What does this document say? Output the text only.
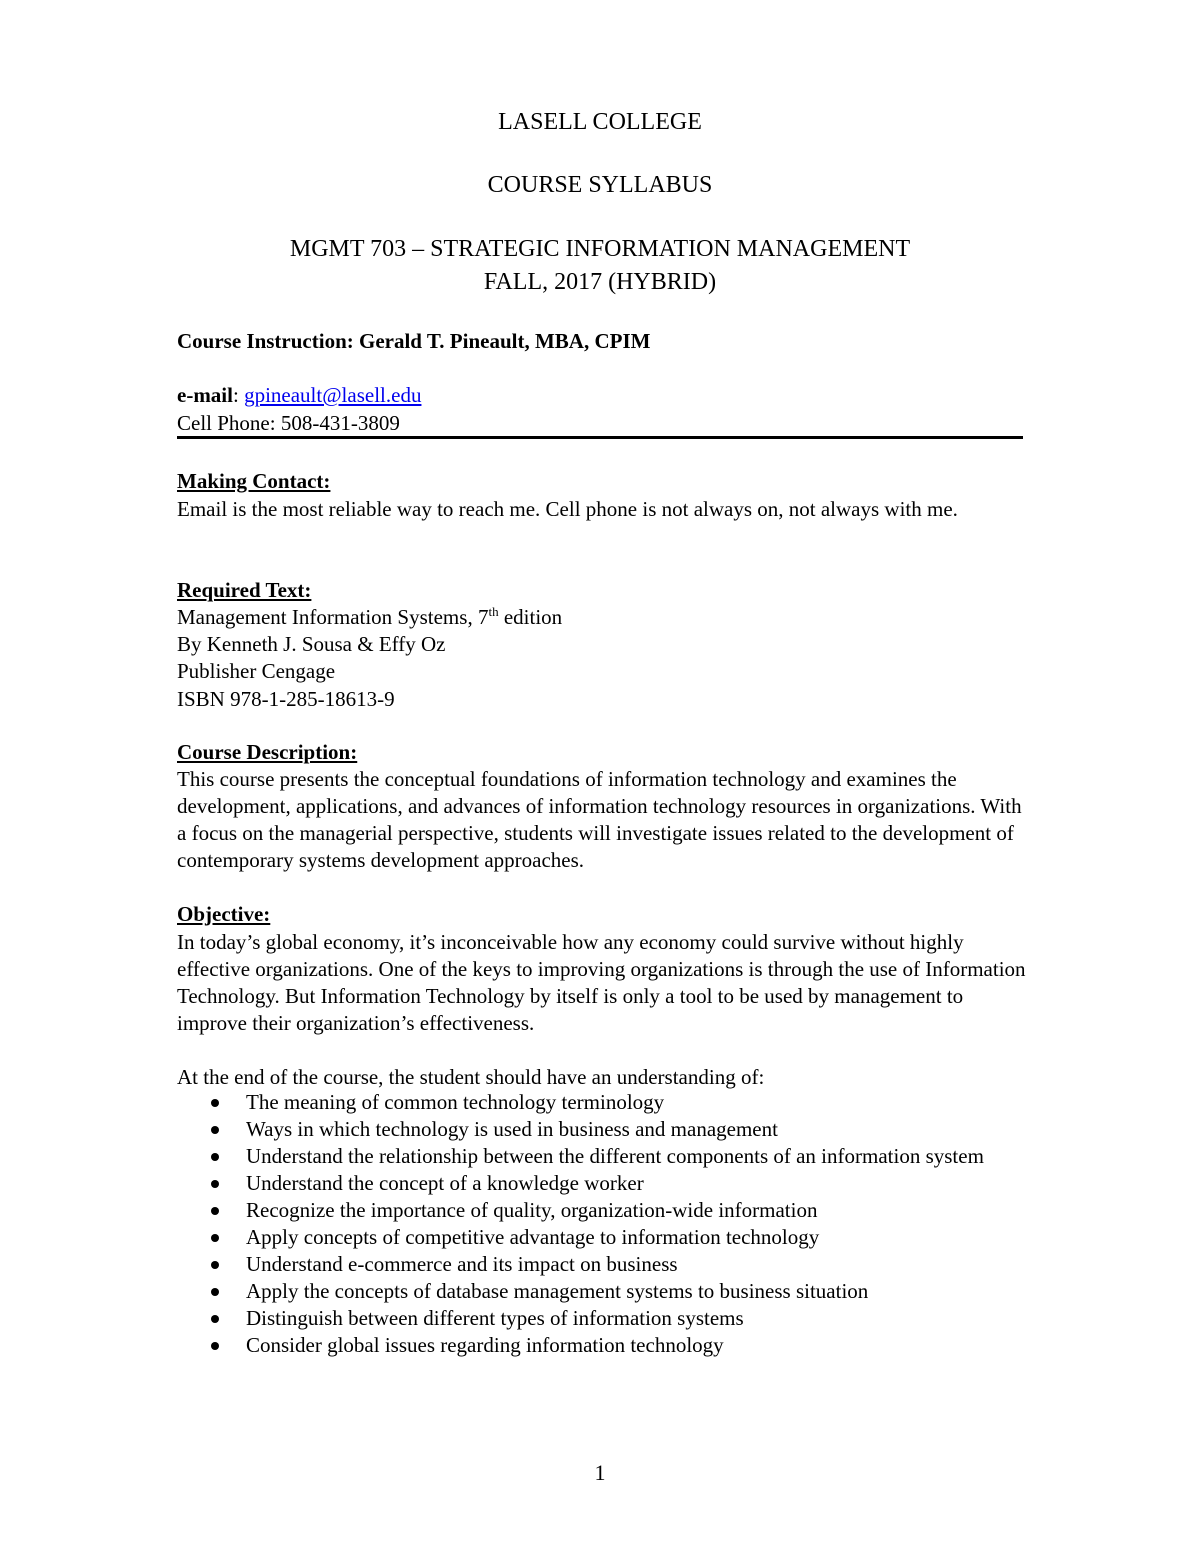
LASELL COLLEGE
COURSE SYLLABUS
MGMT 703 – STRATEGIC INFORMATION MANAGEMENT
FALL, 2017 (HYBRID)
Course Instruction: Gerald T. Pineault, MBA, CPIM
e-mail: gpineault@lasell.edu
Cell Phone: 508-431-3809
Making Contact:
Email is the most reliable way to reach me. Cell phone is not always on, not always with me.
Required Text:
Management Information Systems, 7th edition
By Kenneth J. Sousa & Effy Oz
Publisher Cengage
ISBN 978-1-285-18613-9
Course Description:
This course presents the conceptual foundations of information technology and examines the development, applications, and advances of information technology resources in organizations. With a focus on the managerial perspective, students will investigate issues related to the development of contemporary systems development approaches.
Objective:
In today’s global economy, it’s inconceivable how any economy could survive without highly effective organizations. One of the keys to improving organizations is through the use of Information Technology. But Information Technology by itself is only a tool to be used by management to improve their organization’s effectiveness.
At the end of the course, the student should have an understanding of:
The meaning of common technology terminology
Ways in which technology is used in business and management
Understand the relationship between the different components of an information system
Understand the concept of a knowledge worker
Recognize the importance of quality, organization-wide information
Apply concepts of competitive advantage to information technology
Understand e-commerce and its impact on business
Apply the concepts of database management systems to business situation
Distinguish between different types of information systems
Consider global issues regarding information technology
1
